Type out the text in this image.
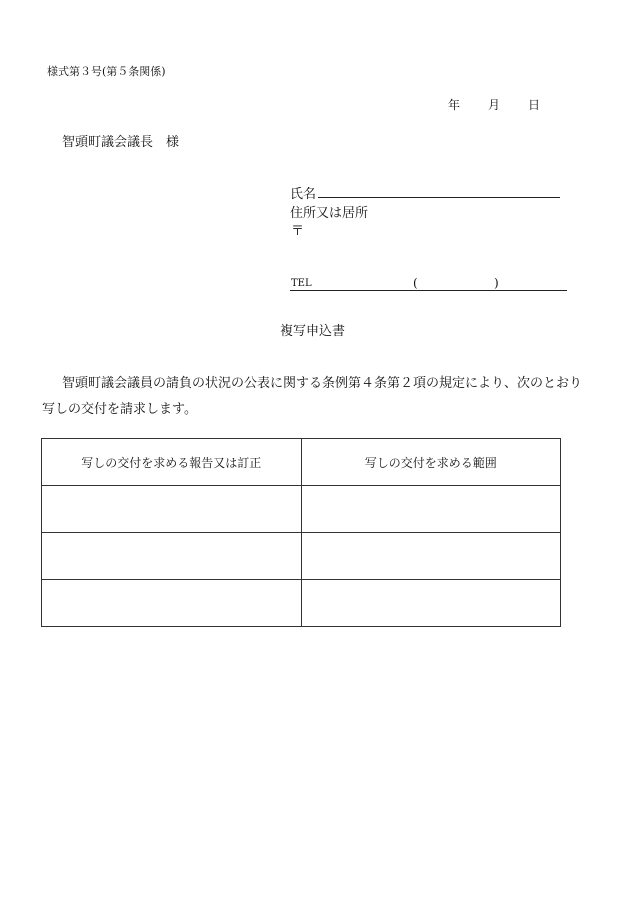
様式第３号(第５条関係)
年 月 日
智頭町議会議長　様
氏名
住所又は居所
〒
TEL	(	)
複写申込書
智頭町議会議員の請負の状況の公表に関する条例第４条第２項の規定により、次のとおり写しの交付を請求します。
写しの交付を求める報告又は訂正	写しの交付を求める範囲
